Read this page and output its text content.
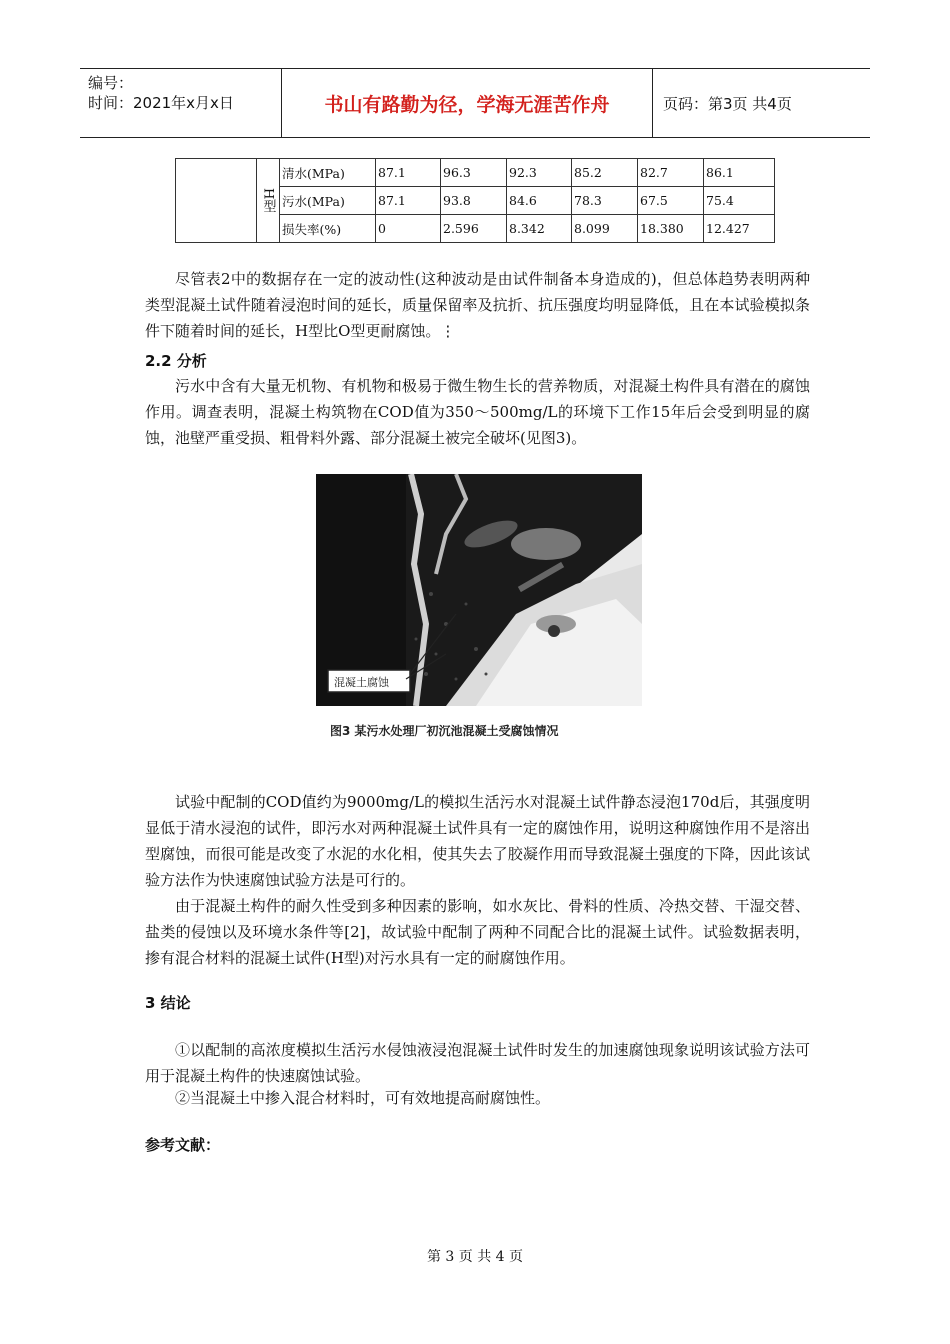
编号：
时间：2021年x月x日	书山有路勤为径，学海无涯苦作舟	页码：第3页 共4页
	H型	清水(MPa)	87.1	96.3	92.3	85.2	82.7	86.1
		污水(MPa)	87.1	93.8	84.6	78.3	67.5	75.4
		损失率(%)	0	2.596	8.342	8.099	18.380	12.427

尽管表2中的数据存在一定的波动性(这种波动是由试件制备本身造成的)，但总体趋势表明两种类型混凝土试件随着浸泡时间的延长，质量保留率及抗折、抗压强度均明显降低，且在本试验模拟条件下随着时间的延长，H型比O型更耐腐蚀。⋮

2.2 分析

污水中含有大量无机物、有机物和极易于微生物生长的营养物质，对混凝土构件具有潜在的腐蚀作用。调查表明，混凝土构筑物在COD值为350～500mg/L的环境下工作15年后会受到明显的腐蚀，池壁严重受损、粗骨料外露、部分混凝土被完全破坏(见图3)。

混凝土腐蚀
图3 某污水处理厂初沉池混凝土受腐蚀情况

试验中配制的COD值约为9000mg/L的模拟生活污水对混凝土试件静态浸泡170d后，其强度明显低于清水浸泡的试件，即污水对两种混凝土试件具有一定的腐蚀作用，说明这种腐蚀作用不是溶出型腐蚀，而很可能是改变了水泥的水化相，使其失去了胶凝作用而导致混凝土强度的下降，因此该试验方法作为快速腐蚀试验方法是可行的。

由于混凝土构件的耐久性受到多种因素的影响，如水灰比、骨料的性质、冷热交替、干湿交替、盐类的侵蚀以及环境水条件等[2]，故试验中配制了两种不同配合比的混凝土试件。试验数据表明，掺有混合材料的混凝土试件(H型)对污水具有一定的耐腐蚀作用。

3 结论

①以配制的高浓度模拟生活污水侵蚀液浸泡混凝土试件时发生的加速腐蚀现象说明该试验方法可用于混凝土构件的快速腐蚀试验。

②当混凝土中掺入混合材料时，可有效地提高耐腐蚀性。

参考文献：

第 3 页 共 4 页
